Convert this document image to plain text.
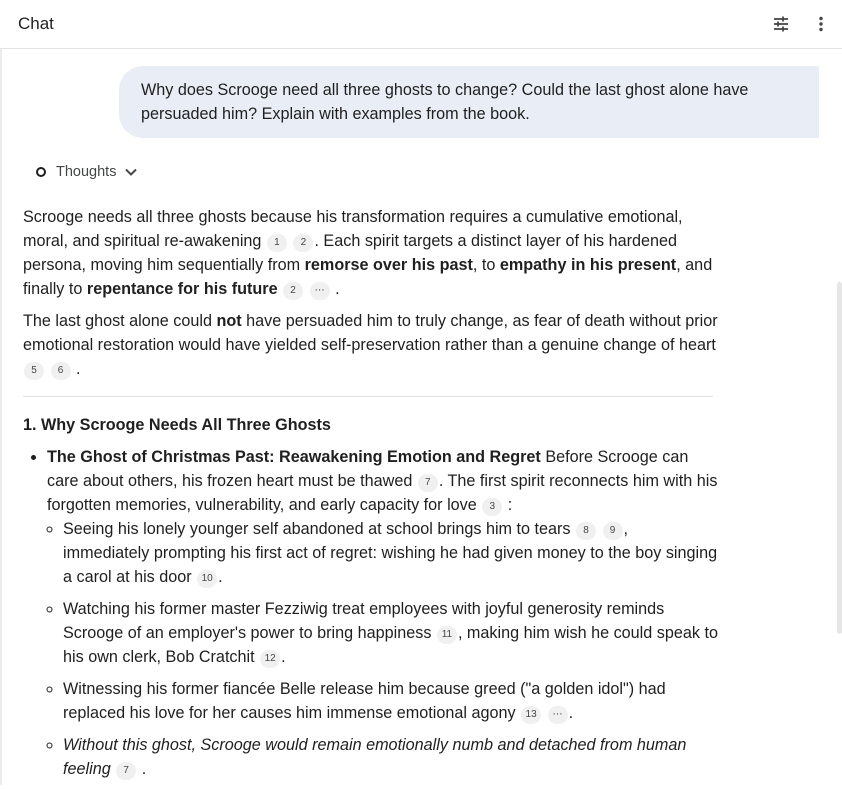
Chat
Why does Scrooge need all three ghosts to change? Could the last ghost alone have persuaded him? Explain with examples from the book.
Thoughts

Scrooge needs all three ghosts because his transformation requires a cumulative emotional, moral, and spiritual re-awakening 1 2 . Each spirit targets a distinct layer of his hardened persona, moving him sequentially from remorse over his past, to empathy in his present, and finally to repentance for his future 2 ⋯ .

The last ghost alone could not have persuaded him to truly change, as fear of death without prior emotional restoration would have yielded self-preservation rather than a genuine change of heart 5 6 .

1. Why Scrooge Needs All Three Ghosts
• The Ghost of Christmas Past: Reawakening Emotion and Regret Before Scrooge can care about others, his frozen heart must be thawed 7 . The first spirit reconnects him with his forgotten memories, vulnerability, and early capacity for love 3 :
◦ Seeing his lonely younger self abandoned at school brings him to tears 8 9 , immediately prompting his first act of regret: wishing he had given money to the boy singing a carol at his door 10 .
◦ Watching his former master Fezziwig treat employees with joyful generosity reminds Scrooge of an employer's power to bring happiness 11 , making him wish he could speak to his own clerk, Bob Cratchit 12 .
◦ Witnessing his former fiancée Belle release him because greed ("a golden idol") had replaced his love for her causes him immense emotional agony 13 ⋯ .
◦ Without this ghost, Scrooge would remain emotionally numb and detached from human feeling 7 .
